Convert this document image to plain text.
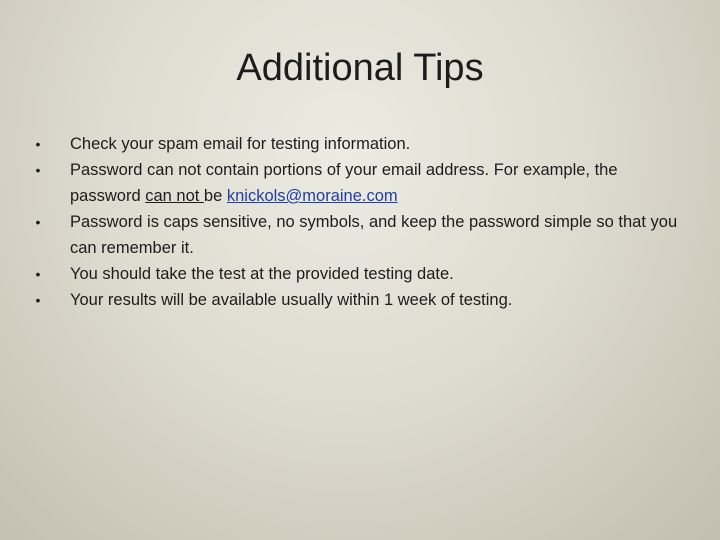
Additional Tips
•	Check your spam email for testing information.
•	Password can not contain portions of your email address. For example, the password can not be knickols@moraine.com
•	Password is caps sensitive, no symbols, and keep the password simple so that you can remember it.
•	You should take the test at the provided testing date.
•	Your results will be available usually within 1 week of testing.
